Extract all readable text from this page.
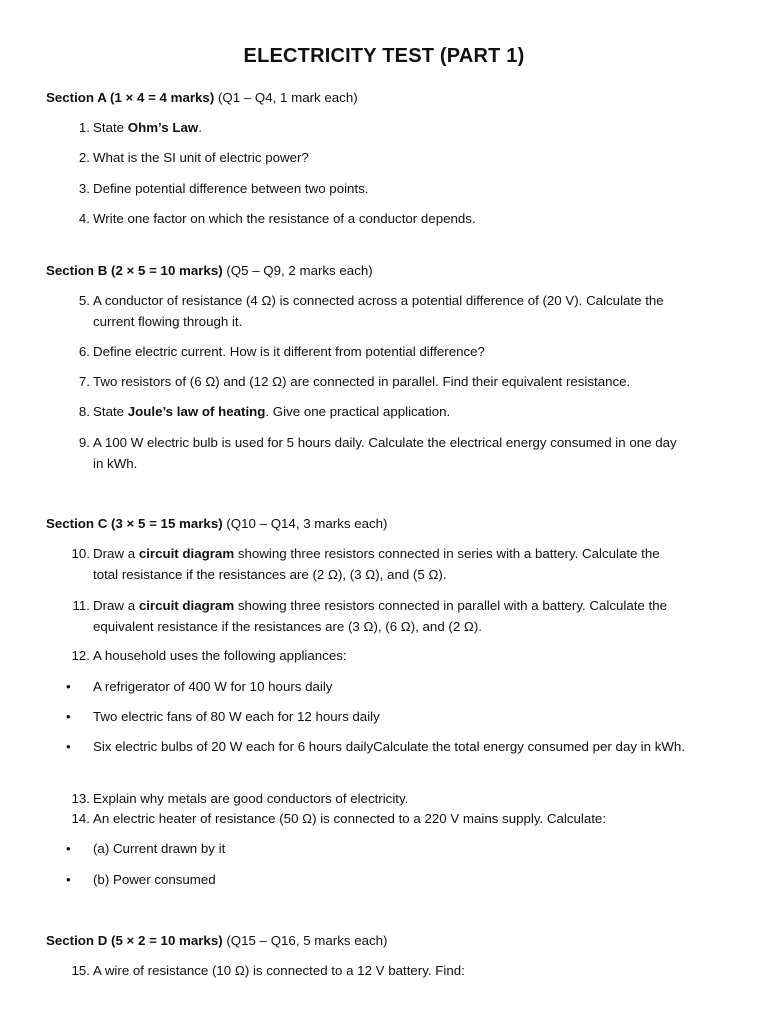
ELECTRICITY TEST (PART 1)
Section A (1 × 4 = 4 marks) (Q1 – Q4, 1 mark each)
1. State Ohm’s Law.
2. What is the SI unit of electric power?
3. Define potential difference between two points.
4. Write one factor on which the resistance of a conductor depends.
Section B (2 × 5 = 10 marks) (Q5 – Q9, 2 marks each)
5. A conductor of resistance (4 Ω) is connected across a potential difference of (20 V). Calculate the
current flowing through it.
6. Define electric current. How is it different from potential difference?
7. Two resistors of (6 Ω) and (12 Ω) are connected in parallel. Find their equivalent resistance.
8. State Joule’s law of heating. Give one practical application.
9. A 100 W electric bulb is used for 5 hours daily. Calculate the electrical energy consumed in one day
in kWh.
Section C (3 × 5 = 15 marks) (Q10 – Q14, 3 marks each)
10. Draw a circuit diagram showing three resistors connected in series with a battery. Calculate the
total resistance if the resistances are (2 Ω), (3 Ω), and (5 Ω).
11. Draw a circuit diagram showing three resistors connected in parallel with a battery. Calculate the
equivalent resistance if the resistances are (3 Ω), (6 Ω), and (2 Ω).
12. A household uses the following appliances:
•	A refrigerator of 400 W for 10 hours daily
•	Two electric fans of 80 W each for 12 hours daily
•	Six electric bulbs of 20 W each for 6 hours dailyCalculate the total energy consumed per day in kWh.
13. Explain why metals are good conductors of electricity.
14. An electric heater of resistance (50 Ω) is connected to a 220 V mains supply. Calculate:
•	(a) Current drawn by it
•	(b) Power consumed
Section D (5 × 2 = 10 marks) (Q15 – Q16, 5 marks each)
15. A wire of resistance (10 Ω) is connected to a 12 V battery. Find:
